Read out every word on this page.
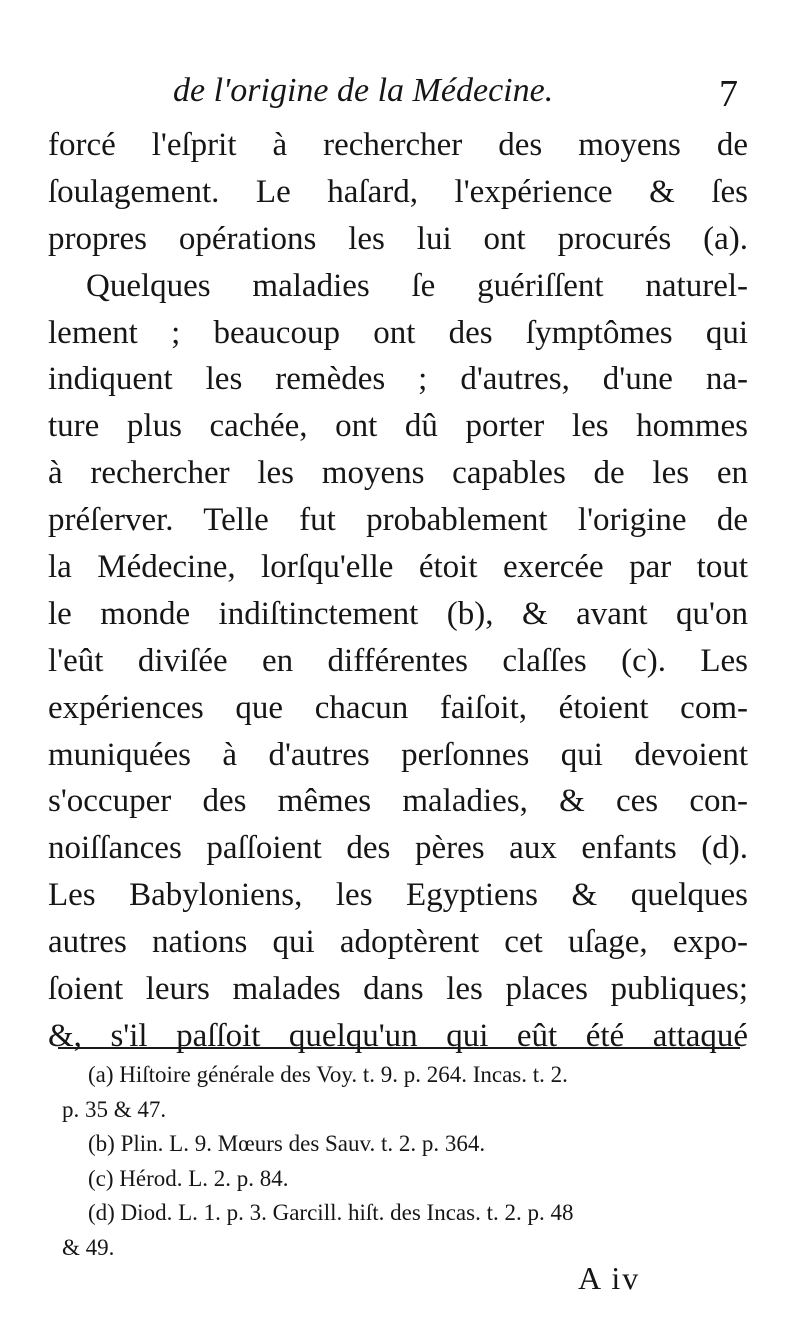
de l'origine de la Médecine.	7
forcé l'eſprit à rechercher des moyens de
ſoulagement. Le haſard, l'expérience & ſes
propres opérations les lui ont procurés (a).
Quelques maladies ſe guériſſent naturel-
lement ; beaucoup ont des ſymptômes qui
indiquent les remèdes ; d'autres, d'une na-
ture plus cachée, ont dû porter les hommes
à rechercher les moyens capables de les en
préſerver. Telle fut probablement l'origine de
la Médecine, lorſqu'elle étoit exercée par tout
le monde indiſtinctement (b), & avant qu'on
l'eût diviſée en différentes claſſes (c). Les
expériences que chacun faiſoit, étoient com-
muniquées à d'autres perſonnes qui devoient
s'occuper des mêmes maladies, & ces con-
noiſſances paſſoient des pères aux enfants (d).
Les Babyloniens, les Egyptiens & quelques
autres nations qui adoptèrent cet uſage, expo-
ſoient leurs malades dans les places publiques;
&, s'il paſſoit quelqu'un qui eût été attaqué
(a) Hiſtoire générale des Voy. t. 9. p. 264. Incas. t. 2.
p. 35 & 47.
(b) Plin. L. 9. Mœurs des Sauv. t. 2. p. 364.
(c) Hérod. L. 2. p. 84.
(d) Diod. L. 1. p. 3. Garcill. hiſt. des Incas. t. 2. p. 48
& 49.
A iv
